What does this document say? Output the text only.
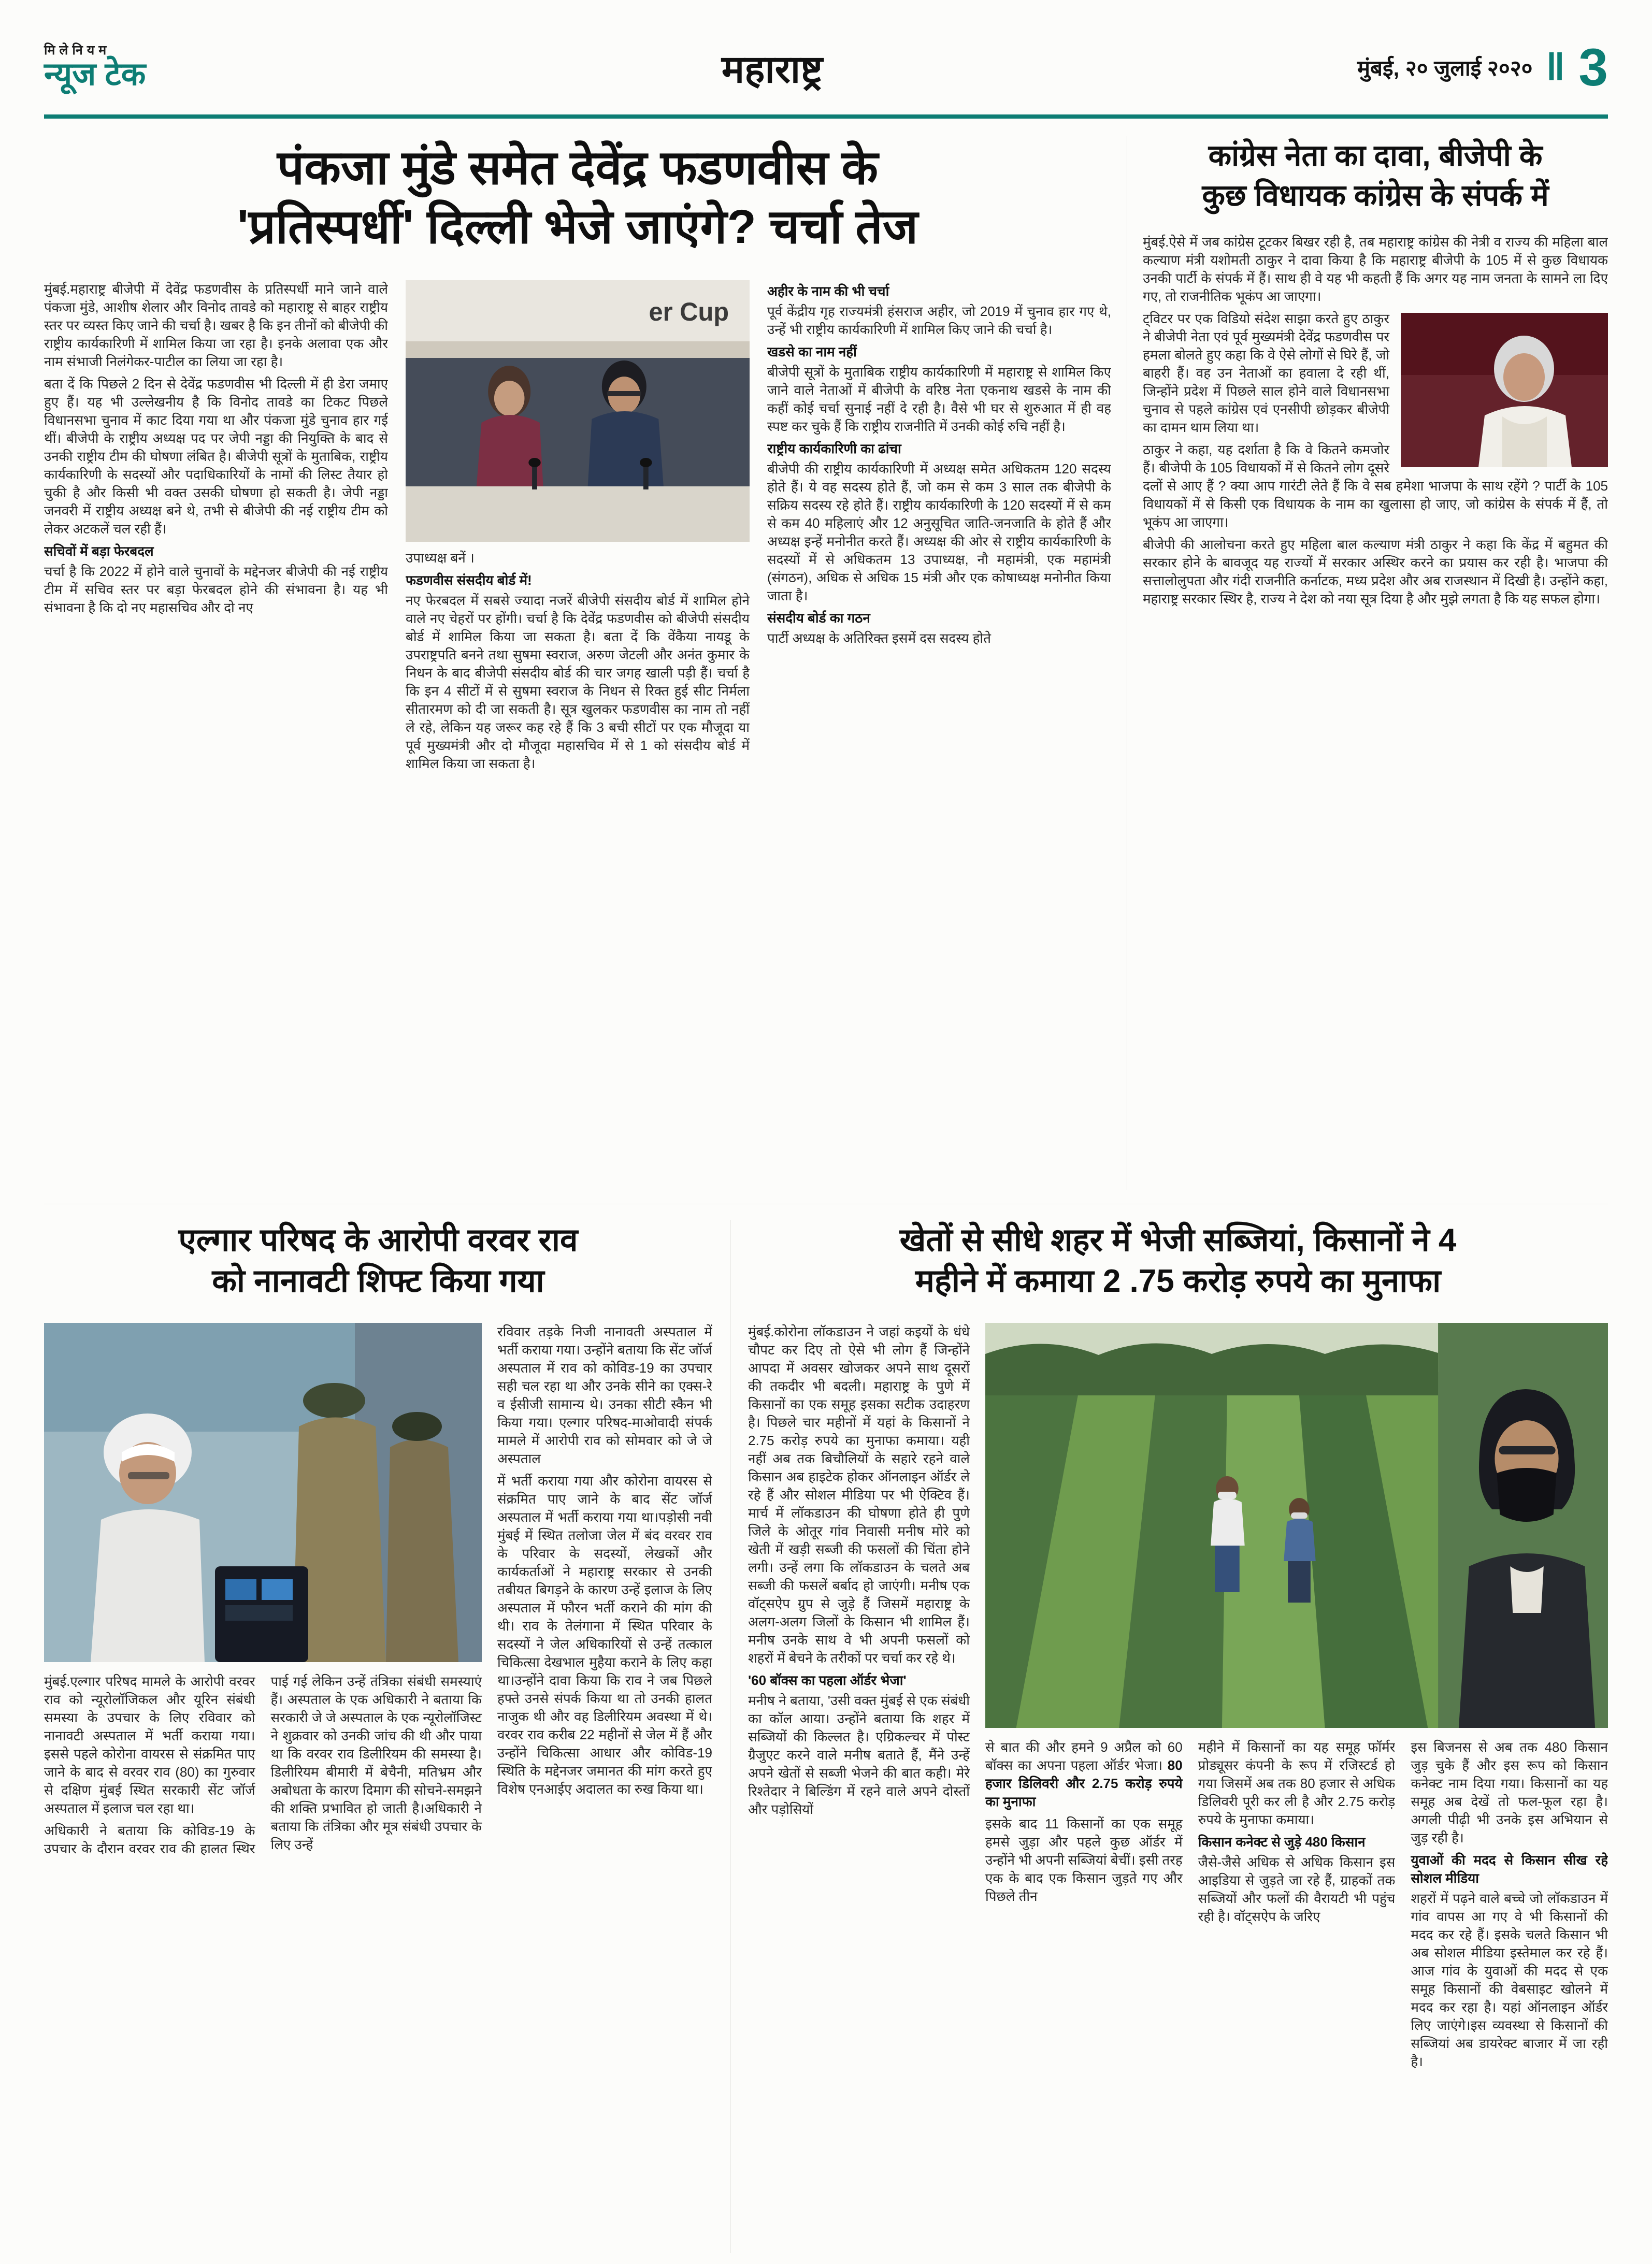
मिलेनियम
न्यूज टेक	महाराष्ट्र	मुंबई, २० जुलाई २०२० ‖ 3
पंकजा मुंडे समेत देवेंद्र फडणवीस के
'प्रतिस्पर्धी' दिल्ली भेजे जाएंगे? चर्चा तेज

मुंबई.महाराष्ट्र बीजेपी में देवेंद्र फडणवीस के प्रतिस्पर्धी माने जाने वाले पंकजा मुंडे, आशीष शेलार और विनोद तावडे को महाराष्ट्र से बाहर राष्ट्रीय स्तर पर व्यस्त किए जाने की चर्चा है। खबर है कि इन तीनों को बीजेपी की राष्ट्रीय कार्यकारिणी में शामिल किया जा रहा है। इनके अलावा एक और नाम संभाजी निलंगेकर-पाटील का लिया जा रहा है।

बता दें कि पिछले 2 दिन से देवेंद्र फडणवीस भी दिल्ली में ही डेरा जमाए हुए हैं। यह भी उल्लेखनीय है कि विनोद तावडे का टिकट पिछले विधानसभा चुनाव में काट दिया गया था और पंकजा मुंडे चुनाव हार गई थीं। बीजेपी के राष्ट्रीय अध्यक्ष पद पर जेपी नड्डा की नियुक्ति के बाद से उनकी राष्ट्रीय टीम की घोषणा लंबित है। बीजेपी सूत्रों के मुताबिक, राष्ट्रीय कार्यकारिणी के सदस्यों और पदाधिकारियों के नामों की लिस्ट तैयार हो चुकी है और किसी भी वक्त उसकी घोषणा हो सकती है। जेपी नड्डा जनवरी में राष्ट्रीय अध्यक्ष बने थे, तभी से बीजेपी की नई राष्ट्रीय टीम को लेकर अटकलें चल रही हैं।

सचिवों में बड़ा फेरबदल

चर्चा है कि 2022 में होने वाले चुनावों के मद्देनजर बीजेपी की नई राष्ट्रीय टीम में सचिव स्तर पर बड़ा फेरबदल होने की संभावना है। यह भी संभावना है कि दो नए महासचिव और दो नए

er Cup

उपाध्यक्ष बनें ।

फडणवीस संसदीय बोर्ड में!

नए फेरबदल में सबसे ज्यादा नजरें बीजेपी संसदीय बोर्ड में शामिल होने वाले नए चेहरों पर होंगी। चर्चा है कि देवेंद्र फडणवीस को बीजेपी संसदीय बोर्ड में शामिल किया जा सकता है। बता दें कि वेंकैया नायडू के उपराष्ट्रपति बनने तथा सुषमा स्वराज, अरुण जेटली और अनंत कुमार के निधन के बाद बीजेपी संसदीय बोर्ड की चार जगह खाली पड़ी हैं। चर्चा है कि इन 4 सीटों में से सुषमा स्वराज के निधन से रिक्त हुई सीट निर्मला सीतारमण को दी जा सकती है। सूत्र खुलकर फडणवीस का नाम तो नहीं ले रहे, लेकिन यह जरूर कह रहे हैं कि 3 बची सीटों पर एक मौजूदा या पूर्व मुख्यमंत्री और दो मौजूदा महासचिव में से 1 को संसदीय बोर्ड में शामिल किया जा सकता है।

अहीर के नाम की भी चर्चा

पूर्व केंद्रीय गृह राज्यमंत्री हंसराज अहीर, जो 2019 में चुनाव हार गए थे, उन्हें भी राष्ट्रीय कार्यकारिणी में शामिल किए जाने की चर्चा है।

खडसे का नाम नहीं

बीजेपी सूत्रों के मुताबिक राष्ट्रीय कार्यकारिणी में महाराष्ट्र से शामिल किए जाने वाले नेताओं में बीजेपी के वरिष्ठ नेता एकनाथ खडसे के नाम की कहीं कोई चर्चा सुनाई नहीं दे रही है। वैसे भी घर से शुरुआत में ही वह स्पष्ट कर चुके हैं कि राष्ट्रीय राजनीति में उनकी कोई रुचि नहीं है।

राष्ट्रीय कार्यकारिणी का ढांचा

बीजेपी की राष्ट्रीय कार्यकारिणी में अध्यक्ष समेत अधिकतम 120 सदस्य होते हैं। ये वह सदस्य होते हैं, जो कम से कम 3 साल तक बीजेपी के सक्रिय सदस्य रहे होते हैं। राष्ट्रीय कार्यकारिणी के 120 सदस्यों में से कम से कम 40 महिलाएं और 12 अनुसूचित जाति-जनजाति के होते हैं और अध्यक्ष इन्हें मनोनीत करते हैं। अध्यक्ष की ओर से राष्ट्रीय कार्यकारिणी के सदस्यों में से अधिकतम 13 उपाध्यक्ष, नौ महामंत्री, एक महामंत्री (संगठन), अधिक से अधिक 15 मंत्री और एक कोषाध्यक्ष मनोनीत किया जाता है।

संसदीय बोर्ड का गठन

पार्टी अध्यक्ष के अतिरिक्त इसमें दस सदस्य होते

कांग्रेस नेता का दावा, बीजेपी के
कुछ विधायक कांग्रेस के संपर्क में

मुंबई.ऐसे में जब कांग्रेस टूटकर बिखर रही है, तब महाराष्ट्र कांग्रेस की नेत्री व राज्य की महिला बाल कल्याण मंत्री यशोमती ठाकुर ने दावा किया है कि महाराष्ट्र बीजेपी के 105 में से कुछ विधायक उनकी पार्टी के संपर्क में हैं। साथ ही वे यह भी कहती हैं कि अगर यह नाम जनता के सामने ला दिए गए, तो राजनीतिक भूकंप आ जाएगा।

ट्विटर पर एक विडियो संदेश साझा करते हुए ठाकुर ने बीजेपी नेता एवं पूर्व मुख्यमंत्री देवेंद्र फडणवीस पर हमला बोलते हुए कहा कि वे ऐसे लोगों से घिरे हैं, जो बाहरी हैं। वह उन नेताओं का हवाला दे रही थीं, जिन्होंने प्रदेश में पिछले साल होने वाले विधानसभा चुनाव से पहले कांग्रेस एवं एनसीपी छोड़कर बीजेपी का दामन थाम लिया था।

ठाकुर ने कहा, यह दर्शाता है कि वे कितने कमजोर हैं। बीजेपी के 105 विधायकों में से कितने लोग दूसरे दलों से आए हैं ? क्या आप गारंटी लेते हैं कि वे सब हमेशा भाजपा के साथ रहेंगे ? पार्टी के 105 विधायकों में से किसी एक विधायक के नाम का खुलासा हो जाए, जो कांग्रेस के संपर्क में हैं, तो भूकंप आ जाएगा।

बीजेपी की आलोचना करते हुए महिला बाल कल्याण मंत्री ठाकुर ने कहा कि केंद्र में बहुमत की सरकार होने के बावजूद यह राज्यों में सरकार अस्थिर करने का प्रयास कर रही है। भाजपा की सत्तालोलुपता और गंदी राजनीति कर्नाटक, मध्य प्रदेश और अब राजस्थान में दिखी है। उन्होंने कहा, महाराष्ट्र सरकार स्थिर है, राज्य ने देश को नया सूत्र दिया है और मुझे लगता है कि यह सफल होगा।

एल्गार परिषद के आरोपी वरवर राव
को नानावटी शिफ्ट किया गया

मुंबई.एल्गार परिषद मामले के आरोपी वरवर राव को न्यूरोलॉजिकल और यूरिन संबंधी समस्या के उपचार के लिए रविवार को नानावटी अस्पताल में भर्ती कराया गया। इससे पहले कोरोना वायरस से संक्रमित पाए जाने के बाद से वरवर राव (80) का गुरुवार से दक्षिण मुंबई स्थित सरकारी सेंट जॉर्ज अस्पताल में इलाज चल रहा था।

अधिकारी ने बताया कि कोविड-19 के उपचार के दौरान वरवर राव की हालत स्थिर पाई गई लेकिन उन्हें तंत्रिका संबंधी समस्याएं हैं। अस्पताल के एक अधिकारी ने बताया कि सरकारी जे जे अस्पताल के एक न्यूरोलॉजिस्ट ने शुक्रवार को उनकी जांच की थी और पाया था कि वरवर राव डिलीरियम की समस्या है। डिलीरियम बीमारी में बेचैनी, मतिभ्रम और अबोधता के कारण दिमाग की सोचने-समझने की शक्ति प्रभावित हो जाती है।अधिकारी ने बताया कि तंत्रिका और मूत्र संबंधी उपचार के लिए उन्हें

रविवार तड़के निजी नानावती अस्पताल में भर्ती कराया गया। उन्होंने बताया कि सेंट जॉर्ज अस्पताल में राव को कोविड-19 का उपचार सही चल रहा था और उनके सीने का एक्स-रे व ईसीजी सामान्य थे। उनका सीटी स्कैन भी किया गया। एल्गार परिषद-माओवादी संपर्क मामले में आरोपी राव को सोमवार को जे जे अस्पताल

में भर्ती कराया गया और कोरोना वायरस से संक्रमित पाए जाने के बाद सेंट जॉर्ज अस्पताल में भर्ती कराया गया था।पड़ोसी नवी मुंबई में स्थित तलोजा जेल में बंद वरवर राव के परिवार के सदस्यों, लेखकों और कार्यकर्ताओं ने महाराष्ट्र सरकार से उनकी तबीयत बिगड़ने के कारण उन्हें इलाज के लिए अस्पताल में फौरन भर्ती कराने की मांग की थी। राव के तेलंगाना में स्थित परिवार के सदस्यों ने जेल अधिकारियों से उन्हें तत्काल चिकित्सा देखभाल मुहैया कराने के लिए कहा था।उन्होंने दावा किया कि राव ने जब पिछले हफ्ते उनसे संपर्क किया था तो उनकी हालत नाजुक थी और वह डिलीरियम अवस्था में थे। वरवर राव करीब 22 महीनों से जेल में हैं और उन्होंने चिकित्सा आधार और कोविड-19 स्थिति के मद्देनजर जमानत की मांग करते हुए विशेष एनआईए अदालत का रुख किया था।

खेतों से सीधे शहर में भेजी सब्जियां, किसानों ने 4
महीने में कमाया 2 .75 करोड़ रुपये का मुनाफा

मुंबई.कोरोना लॉकडाउन ने जहां कइयों के धंधे चौपट कर दिए तो ऐसे भी लोग हैं जिन्होंने आपदा में अवसर खोजकर अपने साथ दूसरों की तकदीर भी बदली। महाराष्ट्र के पुणे में किसानों का एक समूह इसका सटीक उदाहरण है। पिछले चार महीनों में यहां के किसानों ने 2.75 करोड़ रुपये का मुनाफा कमाया। यही नहीं अब तक बिचौलियों के सहारे रहने वाले किसान अब हाइटेक होकर ऑनलाइन ऑर्डर ले रहे हैं और सोशल मीडिया पर भी ऐक्टिव हैं।मार्च में लॉकडाउन की घोषणा होते ही पुणे जिले के ओतूर गांव निवासी मनीष मोरे को खेती में खड़ी सब्जी की फसलों की चिंता होने लगी। उन्हें लगा कि लॉकडाउन के चलते अब सब्जी की फसलें बर्बाद हो जाएंगी। मनीष एक वॉट्सऐप ग्रुप से जुड़े हैं जिसमें महाराष्ट्र के अलग-अलग जिलों के किसान भी शामिल हैं। मनीष उनके साथ वे भी अपनी फसलों को शहरों में बेचने के तरीकों पर चर्चा कर रहे थे।

'60 बॉक्स का पहला ऑर्डर भेजा'

मनीष ने बताया, 'उसी वक्त मुंबई से एक संबंधी का कॉल आया। उन्होंने बताया कि शहर में सब्जियों की किल्लत है। एग्रिकल्चर में पोस्ट ग्रैजुएट करने वाले मनीष बताते हैं, मैंने उन्हें अपने खेतों से सब्जी भेजने की बात कही। मेरे रिश्तेदार ने बिल्डिंग में रहने वाले अपने दोस्तों और पड़ोसियों

से बात की और हमने 9 अप्रैल को 60 बॉक्स का अपना पहला ऑर्डर भेजा। 80 हजार डिलिवरी और 2.75 करोड़ रुपये का मुनाफा

इसके बाद 11 किसानों का एक समूह हमसे जुड़ा और पहले कुछ ऑर्डर में उन्होंने भी अपनी सब्जियां बेचीं। इसी तरह एक के बाद एक किसान जुड़ते गए और पिछले तीन

महीने में किसानों का यह समूह फॉर्मर प्रोड्यूसर कंपनी के रूप में रजिस्टर्ड हो गया जिसमें अब तक 80 हजार से अधिक डिलिवरी पूरी कर ली है और 2.75 करोड़ रुपये के मुनाफा कमाया।

किसान कनेक्ट से जुड़े 480 किसान

जैसे-जैसे अधिक से अधिक किसान इस आइडिया से जुड़ते जा रहे हैं, ग्राहकों तक सब्जियों और फलों की वैरायटी भी पहुंच रही है। वॉट्सऐप के जरिए

इस बिजनस से अब तक 480 किसान जुड़ चुके हैं और इस रूप को किसान कनेक्ट नाम दिया गया। किसानों का यह समूह अब देखें तो फल-फूल रहा है। अगली पीढ़ी भी उनके इस अभियान से जुड़ रही है।

युवाओं की मदद से किसान सीख रहे सोशल मीडिया

शहरों में पढ़ने वाले बच्चे जो लॉकडाउन में गांव वापस आ गए वे भी किसानों की मदद कर रहे हैं। इसके चलते किसान भी अब सोशल मीडिया इस्तेमाल कर रहे हैं। आज गांव के युवाओं की मदद से एक समूह किसानों की वेबसाइट खोलने में मदद कर रहा है। यहां ऑनलाइन ऑर्डर लिए जाएंगे।इस व्यवस्था से किसानों की सब्जियां अब डायरेक्ट बाजार में जा रही है।
